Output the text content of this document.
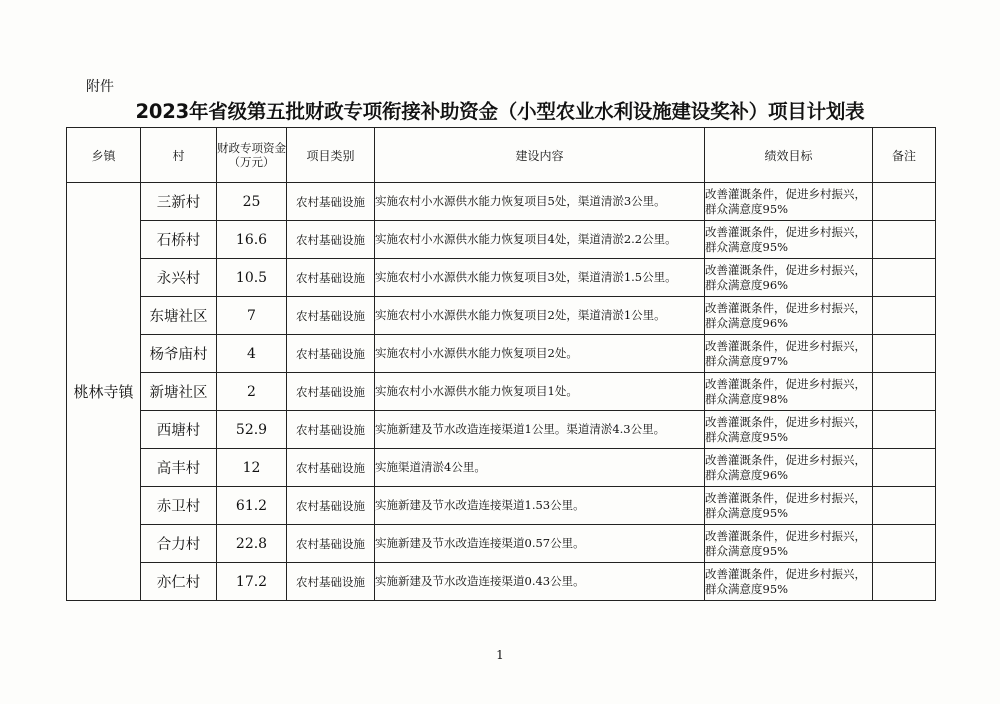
附件
2023年省级第五批财政专项衔接补助资金（小型农业水利设施建设奖补）项目计划表
乡镇	村	财政专项资金（万元）	项目类别	建设内容	绩效目标	备注
桃林寺镇	三新村	25	农村基础设施	实施农村小水源供水能力恢复项目5处，渠道清淤3公里。	改善灌溉条件，促进乡村振兴，群众满意度95%	
	石桥村	16.6	农村基础设施	实施农村小水源供水能力恢复项目4处，渠道清淤2.2公里。	改善灌溉条件，促进乡村振兴，群众满意度95%	
	永兴村	10.5	农村基础设施	实施农村小水源供水能力恢复项目3处，渠道清淤1.5公里。	改善灌溉条件，促进乡村振兴，群众满意度96%	
	东塘社区	7	农村基础设施	实施农村小水源供水能力恢复项目2处，渠道清淤1公里。	改善灌溉条件，促进乡村振兴，群众满意度96%	
	杨爷庙村	4	农村基础设施	实施农村小水源供水能力恢复项目2处。	改善灌溉条件，促进乡村振兴，群众满意度97%	
	新塘社区	2	农村基础设施	实施农村小水源供水能力恢复项目1处。	改善灌溉条件，促进乡村振兴，群众满意度98%	
	西塘村	52.9	农村基础设施	实施新建及节水改造连接渠道1公里。渠道清淤4.3公里。	改善灌溉条件，促进乡村振兴，群众满意度95%	
	高丰村	12	农村基础设施	实施渠道清淤4公里。	改善灌溉条件，促进乡村振兴，群众满意度96%	
	赤卫村	61.2	农村基础设施	实施新建及节水改造连接渠道1.53公里。	改善灌溉条件，促进乡村振兴，群众满意度95%	
	合力村	22.8	农村基础设施	实施新建及节水改造连接渠道0.57公里。	改善灌溉条件，促进乡村振兴，群众满意度95%	
	亦仁村	17.2	农村基础设施	实施新建及节水改造连接渠道0.43公里。	改善灌溉条件，促进乡村振兴，群众满意度95%	
1
